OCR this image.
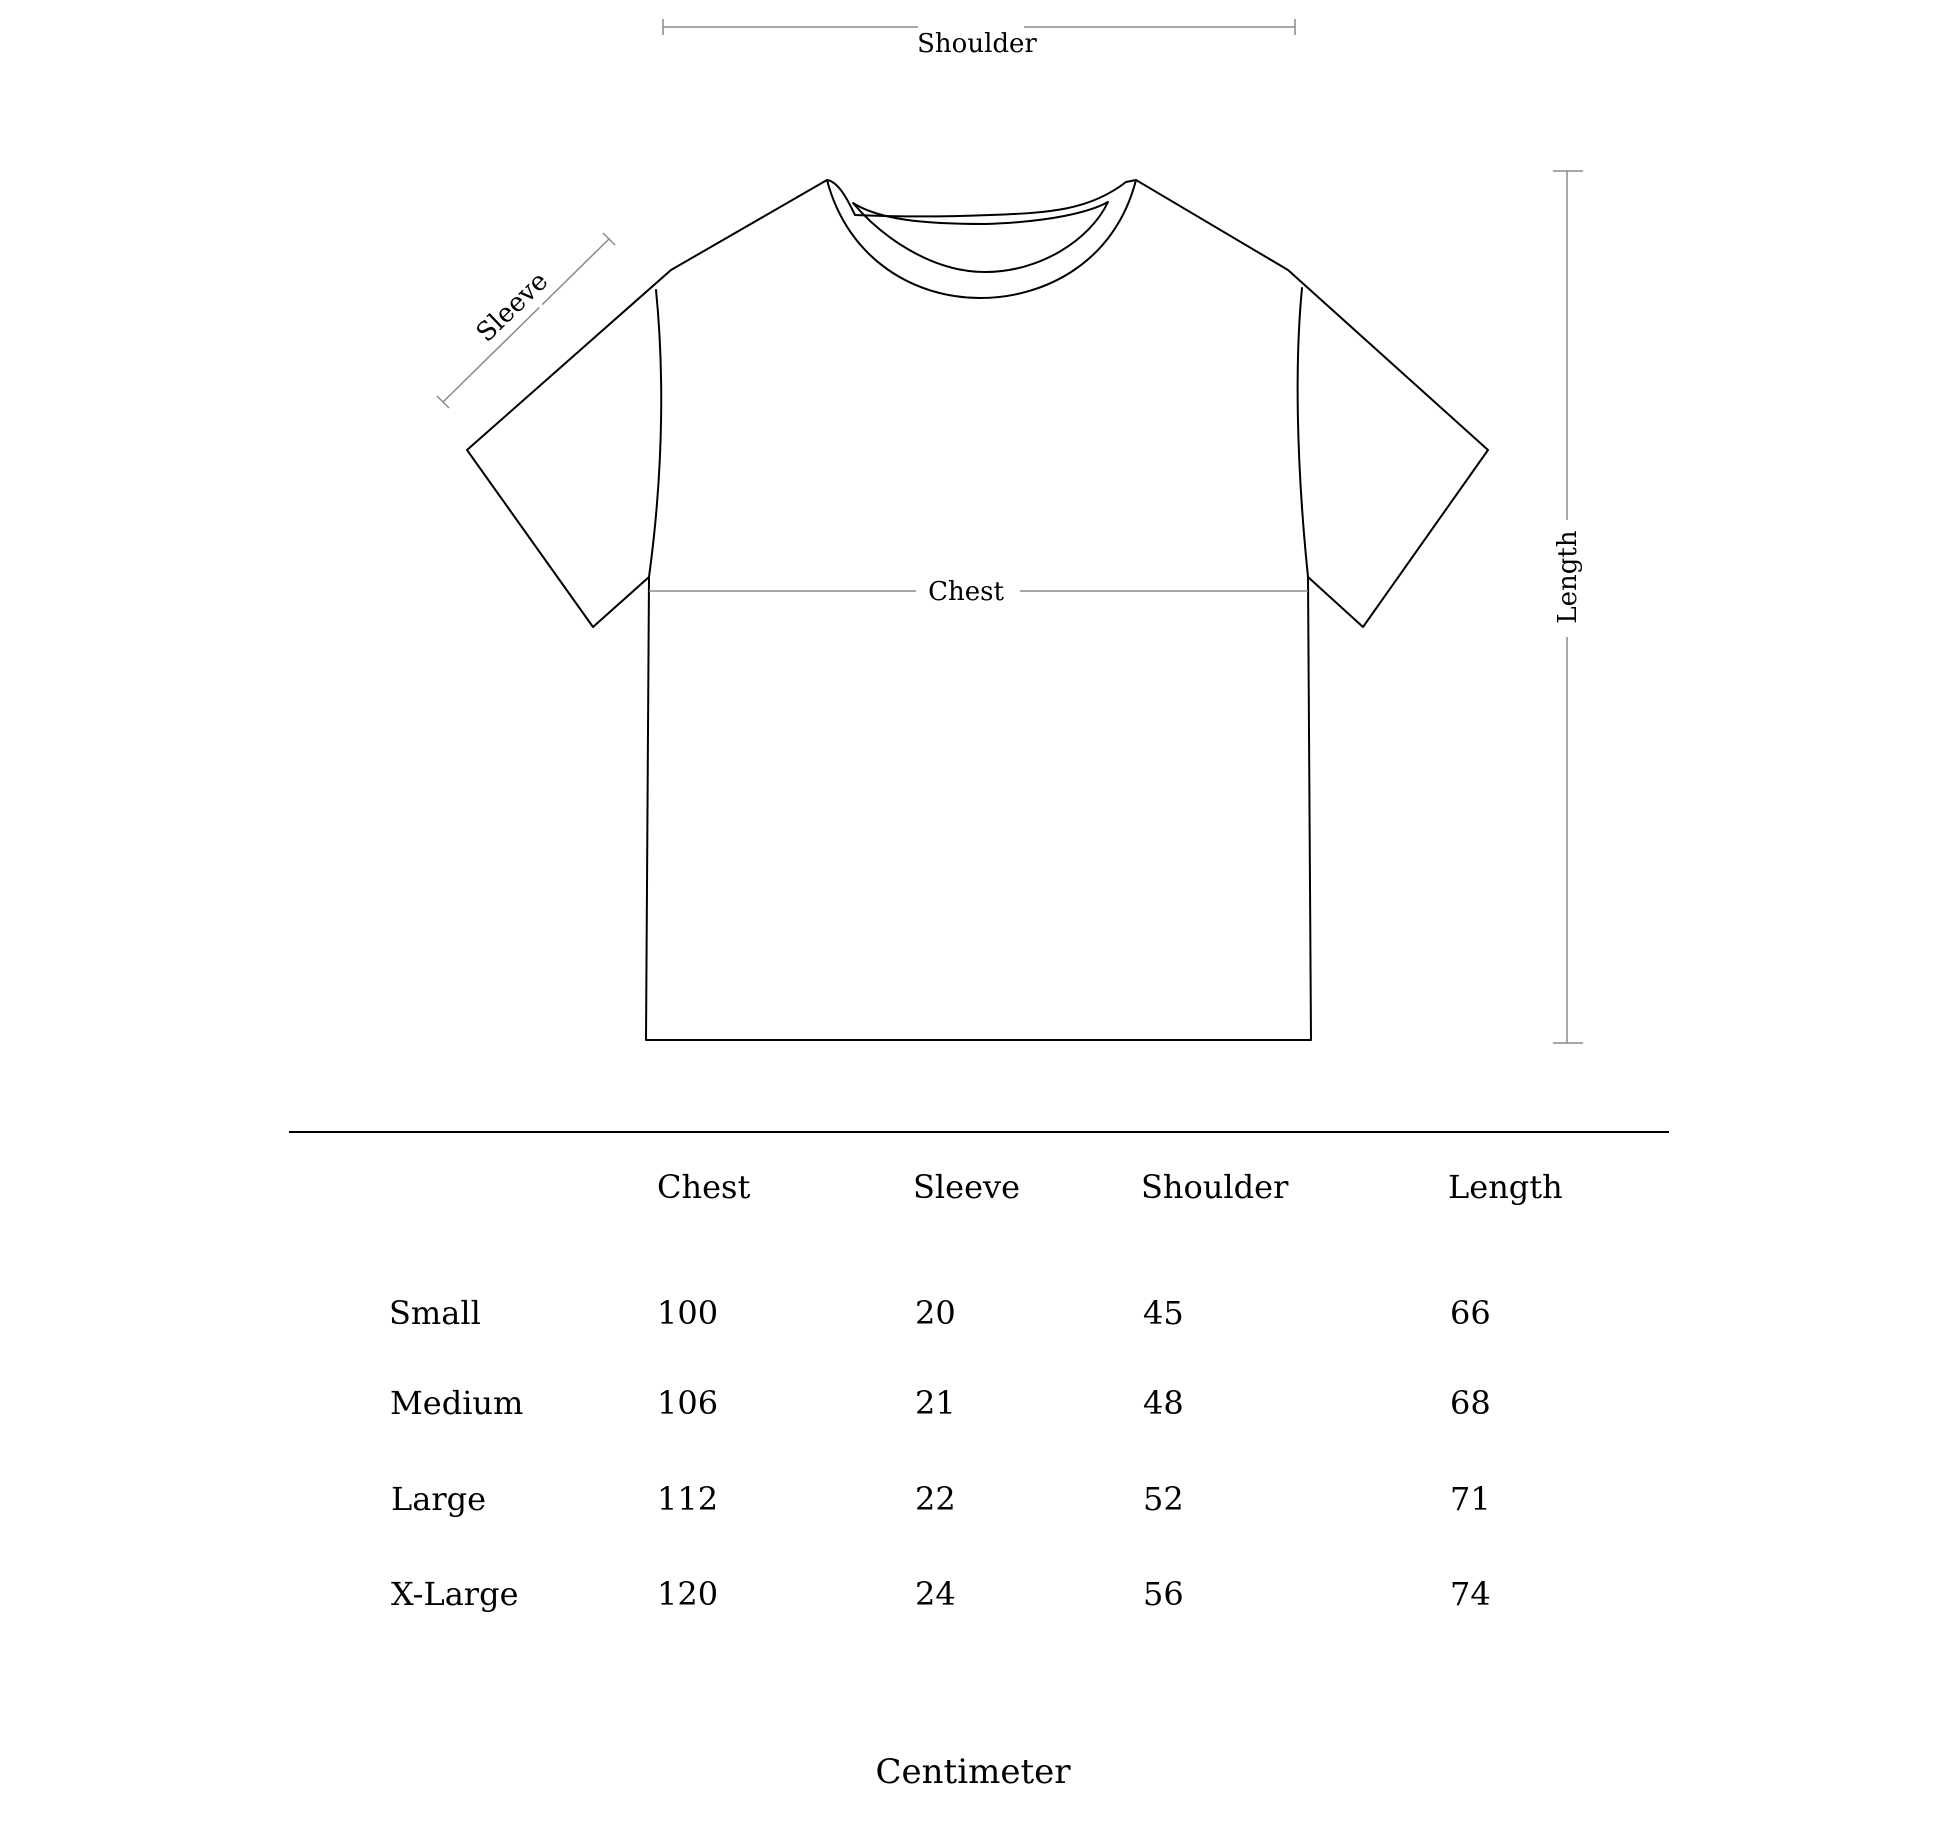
Shoulder
Sleeve
Chest	Length
Chest	Sleeve	Shoulder	Length
Small	100	20	45	66
Medium	106	21	48	68
Large	112	22	52	71
X-Large	120	24	56	74
Centimeter
